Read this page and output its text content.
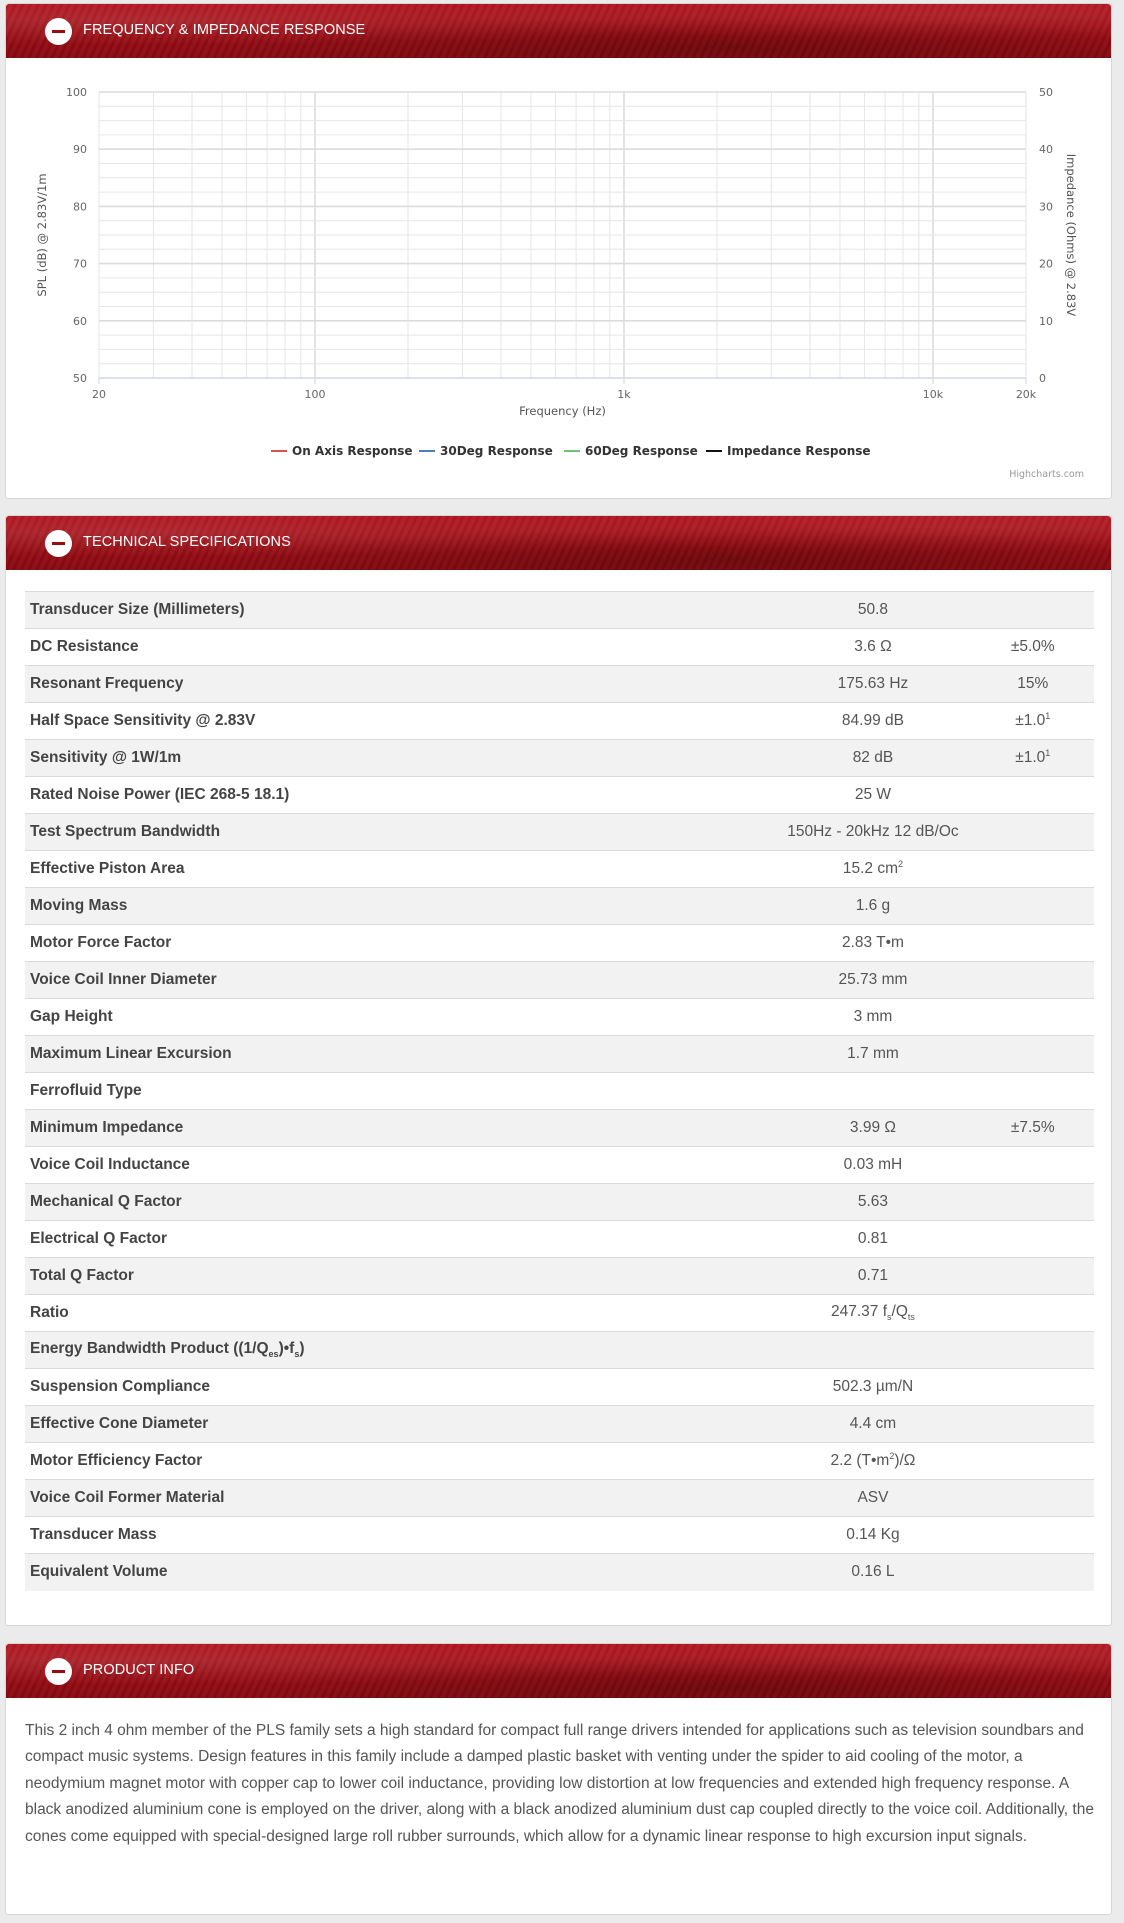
FREQUENCY & IMPEDANCE RESPONSE
20	100	1k	10k	20k
50
60
70
80
90
100
0
10
20
30
40
50
Frequency (Hz)
SPL (dB) @ 2.83V/1m	Impedance (Ohms) @ 2.83V
On Axis Response 30Deg Response	60Deg Response Impedance Response
Highcharts.com
TECHNICAL SPECIFICATIONS
Transducer Size (Millimeters)	50.8	
DC Resistance	3.6 Ω	±5.0%
Resonant Frequency	175.63 Hz	15%
Half Space Sensitivity @ 2.83V	84.99 dB	$\pm 1.0^1$
Sensitivity @ 1W/1m	82 dB	$\pm 1.0^1$
Rated Noise Power (IEC 268-5 18.1)	25 W	
Test Spectrum Bandwidth	150Hz - 20kHz 12 dB/Oc	
Effective Piston Area	15.2 $cm^2$	
Moving Mass	1.6 g	
Motor Force Factor	2.83 T•m	
Voice Coil Inner Diameter	25.73 mm	
Gap Height	3 mm	
Maximum Linear Excursion	1.7 mm	
Ferrofluid Type		
Minimum Impedance	3.99 Ω	±7.5%
Voice Coil Inductance	0.03 mH	
Mechanical Q Factor	5.63	
Electrical Q Factor	0.81	
Total Q Factor	0.71	
Ratio	247.37 $f_s/Q_{ts}$	
Energy Bandwidth Product $((1/Q_{es})•f_s)$		
Suspension Compliance	502.3 µm/N	
Effective Cone Diameter	4.4 cm	
Motor Efficiency Factor	2.2 $(T•m^2)/\Omega$	
Voice Coil Former Material	ASV	
Transducer Mass	0.14 Kg	
Equivalent Volume	0.16 L	
PRODUCT INFO

This 2 inch 4 ohm member of the PLS family sets a high standard for compact full range drivers intended for applications such as television soundbars and compact music systems. Design features in this family include a damped plastic basket with venting under the spider to aid cooling of the motor, a neodymium magnet motor with copper cap to lower coil inductance, providing low distortion at low frequencies and extended high frequency response. A black anodized aluminium cone is employed on the driver, along with a black anodized aluminium dust cap coupled directly to the voice coil. Additionally, the cones come equipped with special-designed large roll rubber surrounds, which allow for a dynamic linear response to high excursion input signals.
